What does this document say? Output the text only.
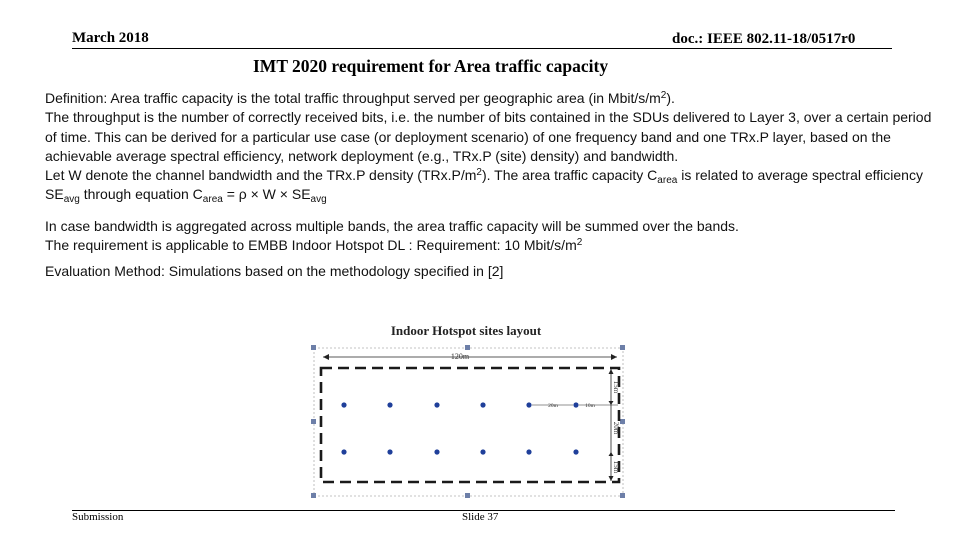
March 2018	doc.: IEEE 802.11-18/0517r0
IMT 2020 requirement for Area traffic capacity

Definition: Area traffic capacity is the total traffic throughput served per geographic area (in Mbit/$s/m^2$).

The throughput is the number of correctly received bits, i.e. the number of bits contained in the SDUs delivered to Layer 3, over a certain period of time. This can be derived for a particular use case (or deployment scenario) of one frequency band and one TRx.P layer, based on the achievable average spectral efficiency, network deployment (e.g., TRx.P (site) density) and bandwidth.

Let W denote the channel bandwidth and the TRx.P density $(TRx.P/m^2)$. The area traffic capacity $C_{area}$ is related to average spectral efficiency $SE_{avg}$ through equation $C_{area} = \rho \times W \times SE_{avg}$

In case bandwidth is aggregated across multiple bands, the area traffic capacity will be summed over the bands.

The requirement is applicable to EMBB Indoor Hotspot DL : Requirement: 10 Mbit/$s/m^2$

Evaluation Method: Simulations based on the methodology specified in [2]

Indoor Hotspot sites layout
120m
20m	10m
15m
20m
15m
Submission	Slide 37
